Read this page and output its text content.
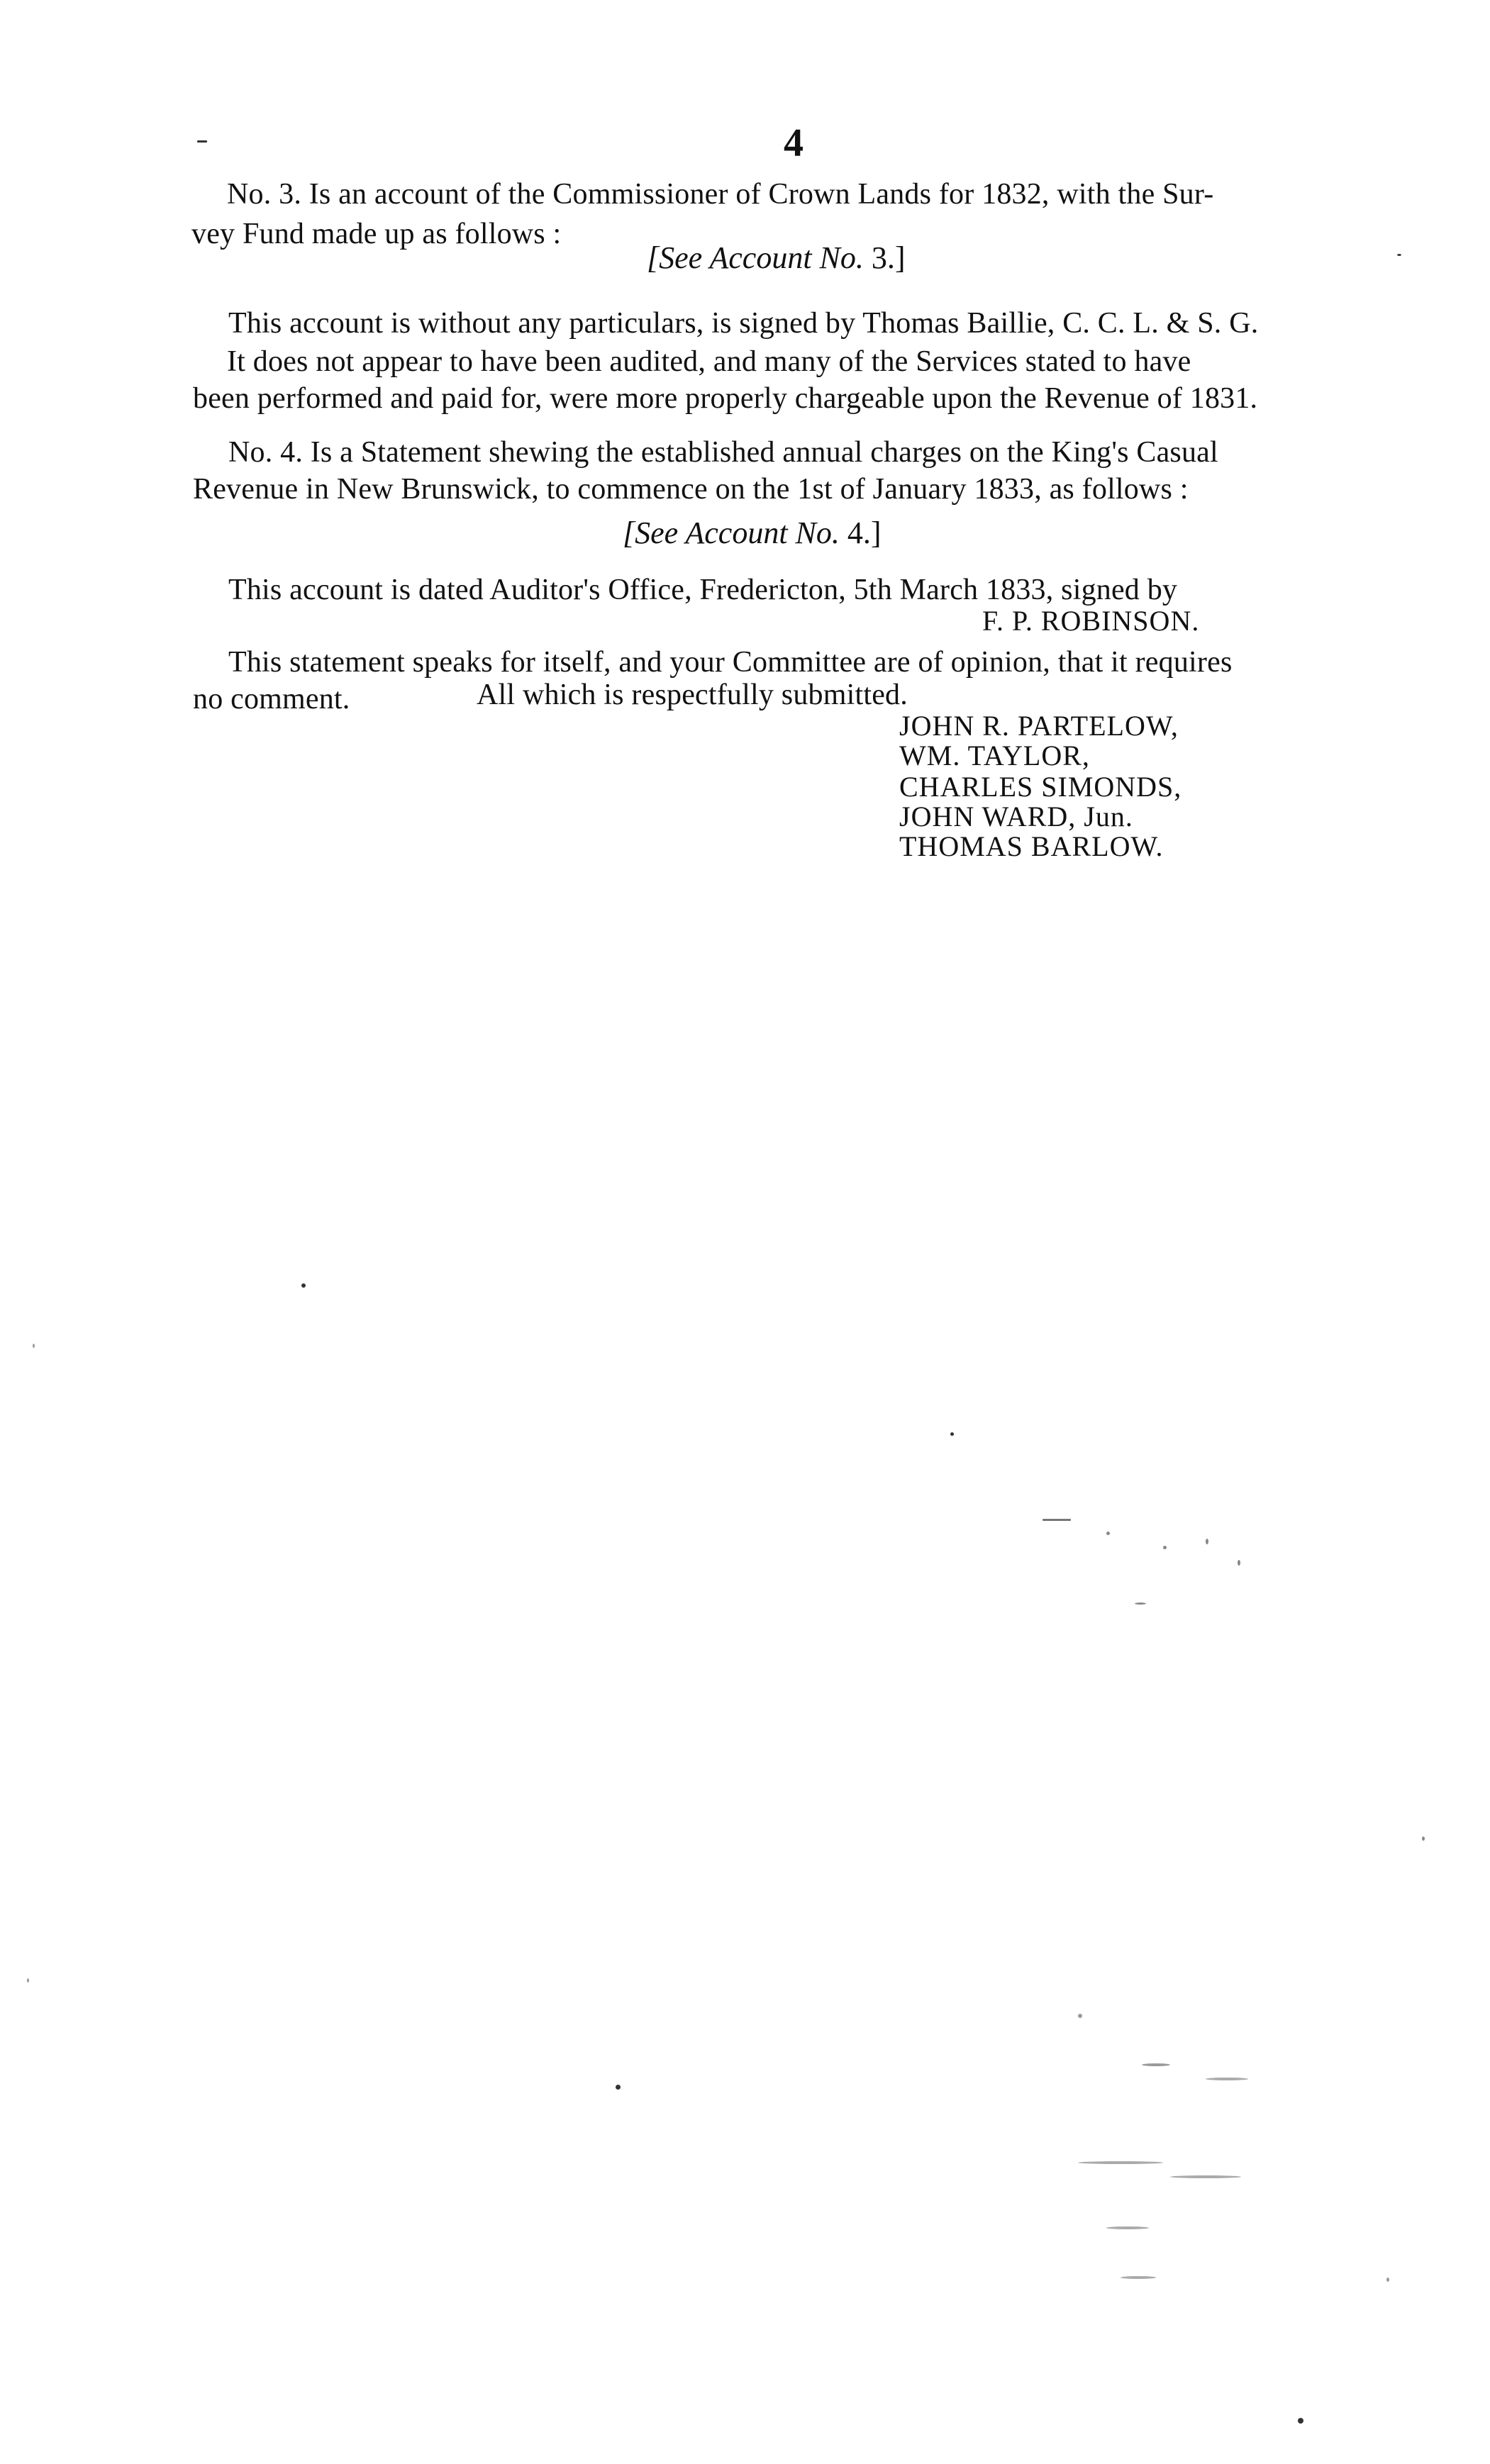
4
No. 3. Is an account of the Commissioner of Crown Lands for 1832, with the Sur-
vey Fund made up as follows :
[See Account No. 3.]
This account is without any particulars, is signed by Thomas Baillie, C. C. L. & S. G.
It does not appear to have been audited, and many of the Services stated to have
been performed and paid for, were more properly chargeable upon the Revenue of 1831.
No. 4. Is a Statement shewing the established annual charges on the King's Casual
Revenue in New Brunswick, to commence on the 1st of January 1833, as follows :
[See Account No. 4.]
This account is dated Auditor's Office, Fredericton, 5th March 1833, signed by
F. P. ROBINSON.
This statement speaks for itself, and your Committee are of opinion, that it requires
no comment.	All which is respectfully submitted.
JOHN R. PARTELOW,
WM. TAYLOR,
CHARLES SIMONDS,
JOHN WARD, Jun.
THOMAS BARLOW.
